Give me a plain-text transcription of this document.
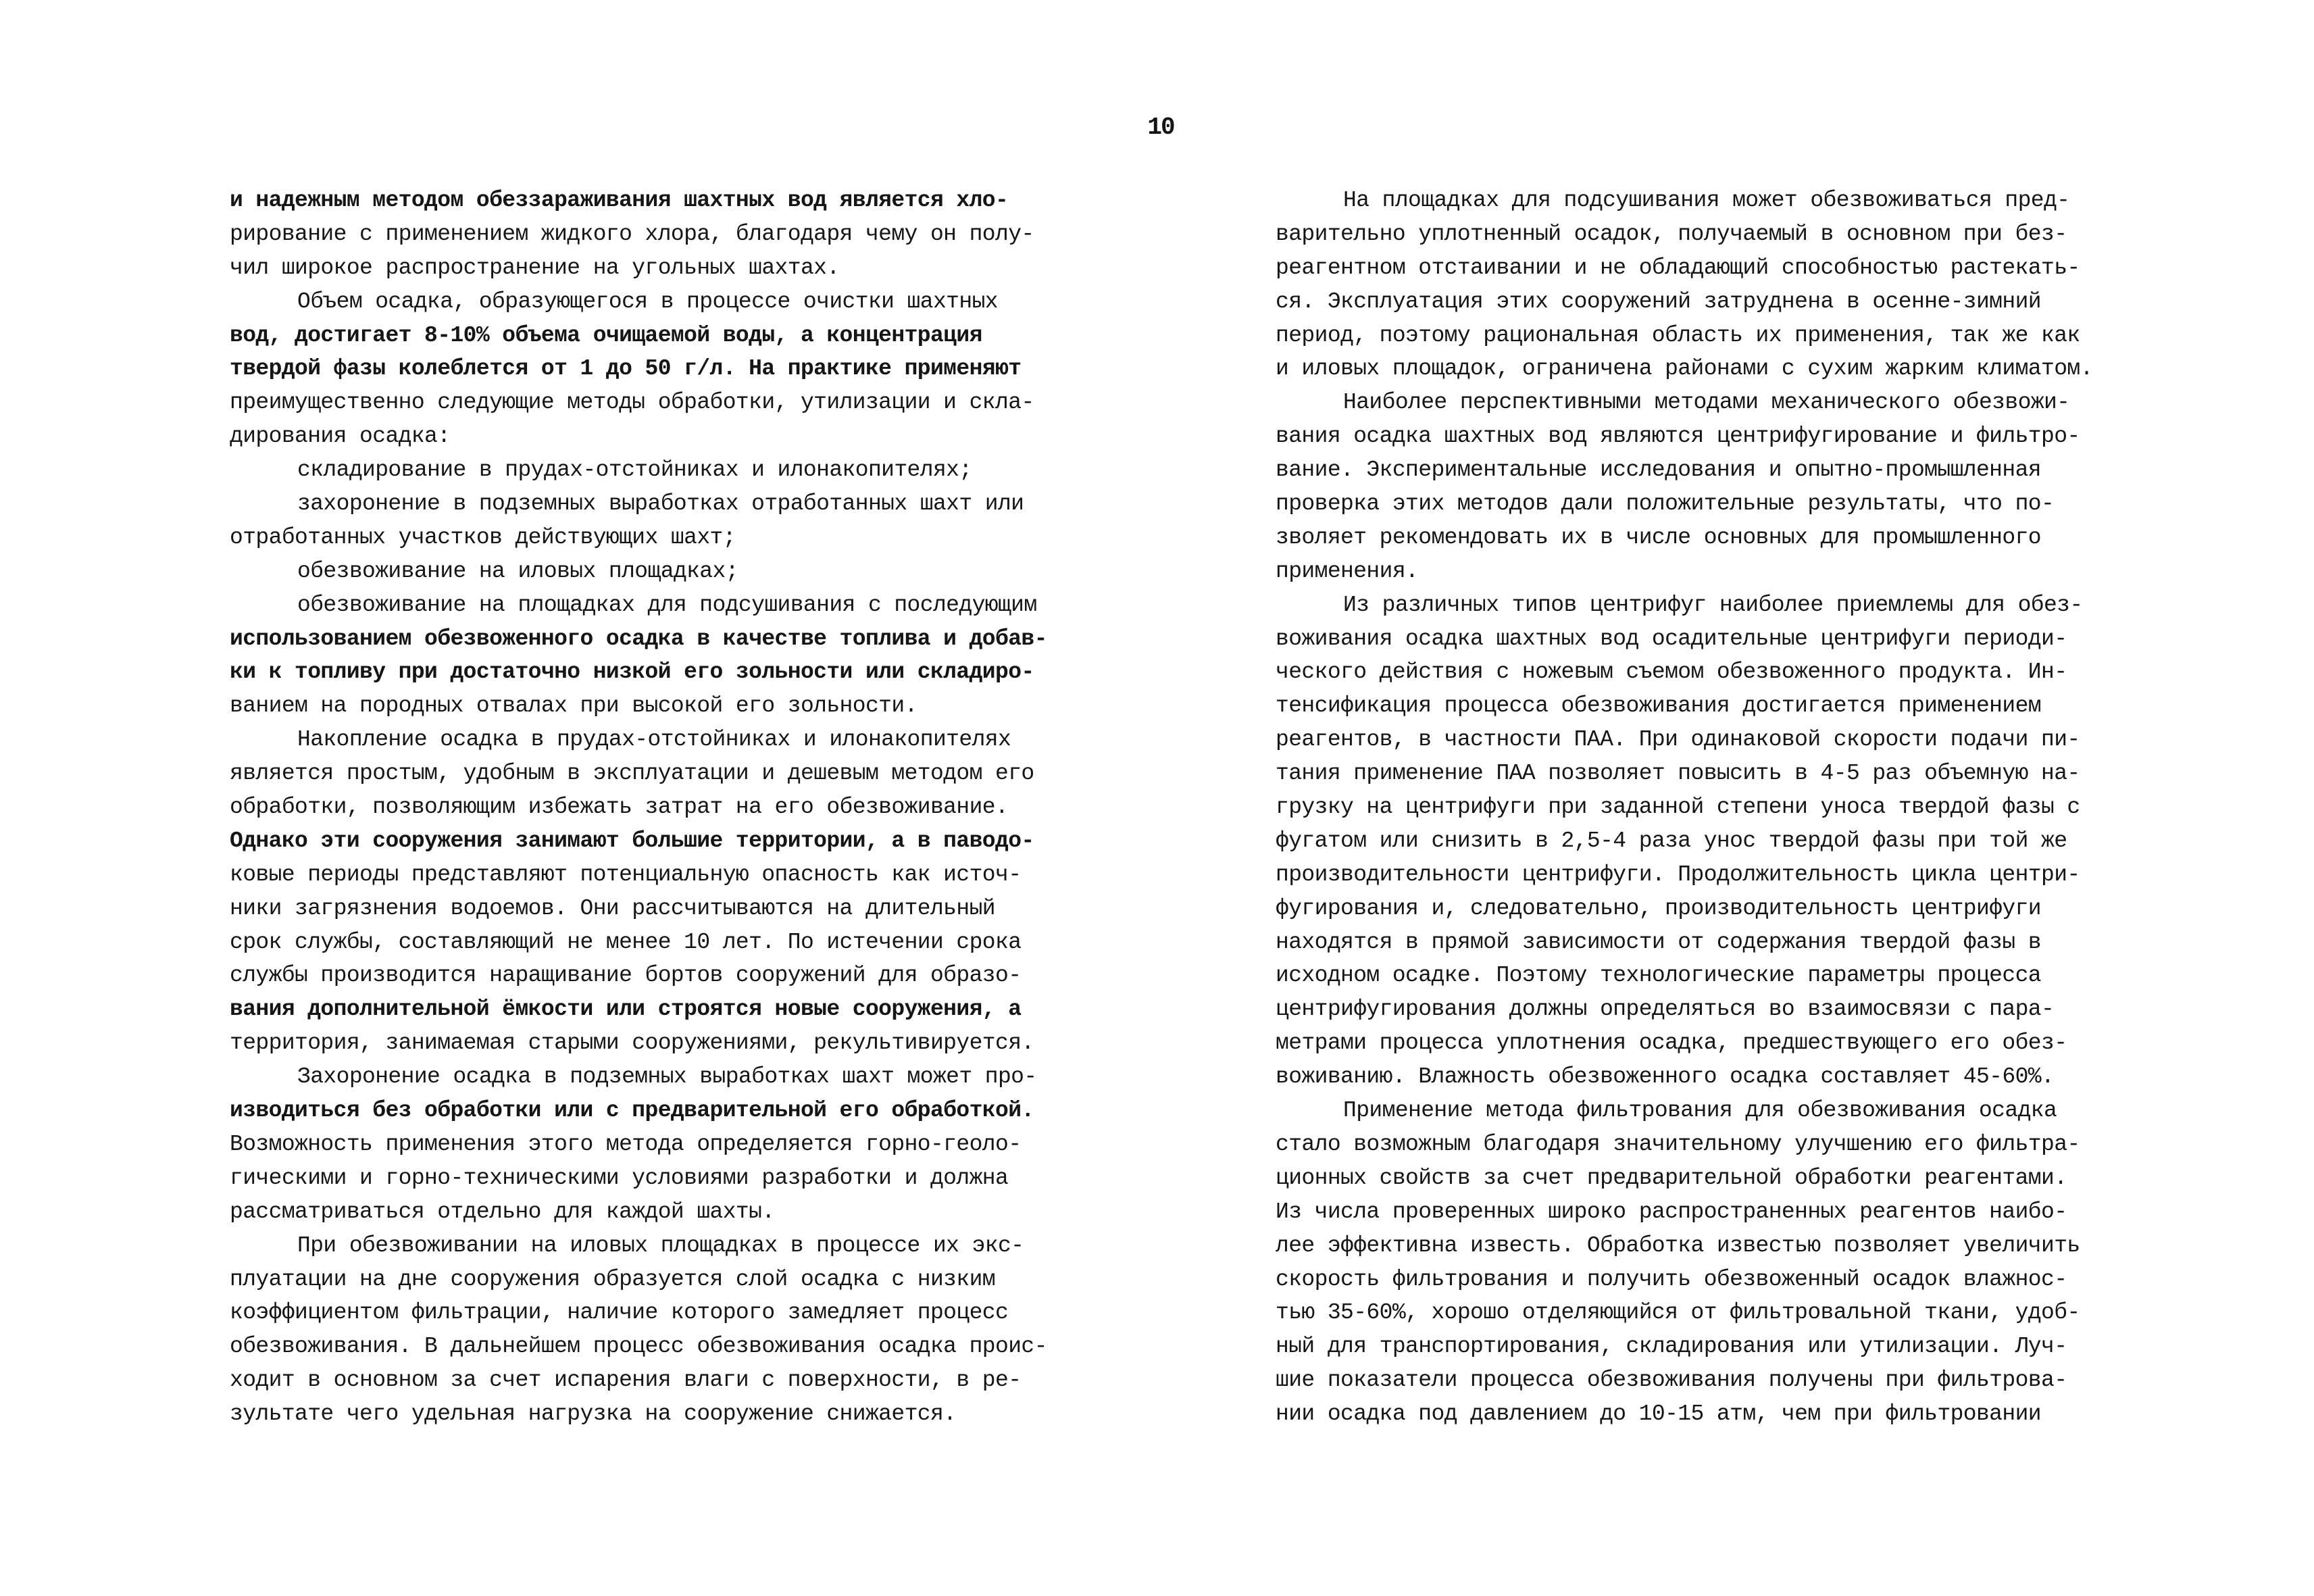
10
и надежным методом обеззараживания шахтных вод является хло-
рирование с применением жидкого хлора, благодаря чему он полу-
чил широкое распространение на угольных шахтах.
Объем осадка, образующегося в процессе очистки шахтных
вод, достигает 8-10% объема очищаемой воды, а концентрация
твердой фазы колеблется от 1 до 50 г/л. На практике применяют
преимущественно следующие методы обработки, утилизации и скла-
дирования осадка:
складирование в прудах-отстойниках и илонакопителях;
захоронение в подземных выработках отработанных шахт или
отработанных участков действующих шахт;
обезвоживание на иловых площадках;
обезвоживание на площадках для подсушивания с последующим
использованием обезвоженного осадка в качестве топлива и добав-
ки к топливу при достаточно низкой его зольности или складиро-
ванием на породных отвалах при высокой его зольности.
Накопление осадка в прудах-отстойниках и илонакопителях
является простым, удобным в эксплуатации и дешевым методом его
обработки, позволяющим избежать затрат на его обезвоживание.
Однако эти сооружения занимают большие территории, а в паводо-
ковые периоды представляют потенциальную опасность как источ-
ники загрязнения водоемов. Они рассчитываются на длительный
срок службы, составляющий не менее 10 лет. По истечении срока
службы производится наращивание бортов сооружений для образо-
вания дополнительной ёмкости или строятся новые сооружения, а
территория, занимаемая старыми сооружениями, рекультивируется.
Захоронение осадка в подземных выработках шахт может про-
изводиться без обработки или с предварительной его обработкой.
Возможность применения этого метода определяется горно-геоло-
гическими и горно-техническими условиями разработки и должна
рассматриваться отдельно для каждой шахты.
При обезвоживании на иловых площадках в процессе их экс-
плуатации на дне сооружения образуется слой осадка с низким
коэффициентом фильтрации, наличие которого замедляет процесс
обезвоживания. В дальнейшем процесс обезвоживания осадка проис-
ходит в основном за счет испарения влаги с поверхности, в ре-
зультате чего удельная нагрузка на сооружение снижается.
На площадках для подсушивания может обезвоживаться пред-
варительно уплотненный осадок, получаемый в основном при без-
реагентном отстаивании и не обладающий способностью растекать-
ся. Эксплуатация этих сооружений затруднена в осенне-зимний
период, поэтому рациональная область их применения, так же как
и иловых площадок, ограничена районами с сухим жарким климатом.
Наиболее перспективными методами механического обезвожи-
вания осадка шахтных вод являются центрифугирование и фильтро-
вание. Экспериментальные исследования и опытно-промышленная
проверка этих методов дали положительные результаты, что по-
зволяет рекомендовать их в числе основных для промышленного
применения.
Из различных типов центрифуг наиболее приемлемы для обез-
воживания осадка шахтных вод осадительные центрифуги периоди-
ческого действия с ножевым съемом обезвоженного продукта. Ин-
тенсификация процесса обезвоживания достигается применением
реагентов, в частности ПАА. При одинаковой скорости подачи пи-
тания применение ПАА позволяет повысить в 4-5 раз объемную на-
грузку на центрифуги при заданной степени уноса твердой фазы с
фугатом или снизить в 2,5-4 раза унос твердой фазы при той же
производительности центрифуги. Продолжительность цикла центри-
фугирования и, следовательно, производительность центрифуги
находятся в прямой зависимости от содержания твердой фазы в
исходном осадке. Поэтому технологические параметры процесса
центрифугирования должны определяться во взаимосвязи с пара-
метрами процесса уплотнения осадка, предшествующего его обез-
воживанию. Влажность обезвоженного осадка составляет 45-60%.
Применение метода фильтрования для обезвоживания осадка
стало возможным благодаря значительному улучшению его фильтра-
ционных свойств за счет предварительной обработки реагентами.
Из числа проверенных широко распространенных реагентов наибо-
лее эффективна известь. Обработка известью позволяет увеличить
скорость фильтрования и получить обезвоженный осадок влажнос-
тью 35-60%, хорошо отделяющийся от фильтровальной ткани, удоб-
ный для транспортирования, складирования или утилизации. Луч-
шие показатели процесса обезвоживания получены при фильтрова-
нии осадка под давлением до 10-15 атм, чем при фильтровании
